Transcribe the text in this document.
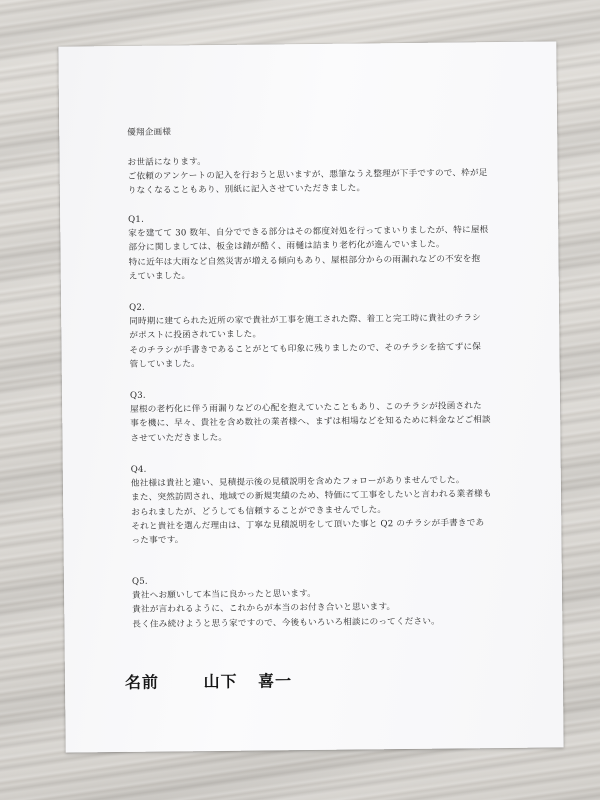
優翔企画様
お世話になります。
ご依頼のアンケートの記入を行おうと思いますが、悪筆なうえ整理が下手ですので、枠が足
りなくなることもあり、別紙に記入させていただきました。
Q1.
家を建てて 30 数年、自分でできる部分はその都度対処を行ってまいりましたが、特に屋根
部分に関しましては、板金は錆が酷く、雨樋は詰まり老朽化が進んでいました。
特に近年は大雨など自然災害が増える傾向もあり、屋根部分からの雨漏れなどの不安を抱
えていました。
Q2.
同時期に建てられた近所の家で貴社が工事を施工された際、着工と完工時に貴社のチラシ
がポストに投函されていました。
そのチラシが手書きであることがとても印象に残りましたので、そのチラシを捨てずに保
管していました。
Q3.
屋根の老朽化に伴う雨漏りなどの心配を抱えていたこともあり、このチラシが投函された
事を機に、早々、貴社を含め数社の業者様へ、まずは相場などを知るために料金などご相談
させていただきました。
Q4.
他社様は貴社と違い、見積提示後の見積説明を含めたフォローがありませんでした。
また、突然訪問され、地域での新規実績のため、特価にて工事をしたいと言われる業者様も
おられましたが、どうしても信頼することができませんでした。
それと貴社を選んだ理由は、丁寧な見積説明をして頂いた事と Q2 のチラシが手書きであ
った事です。
Q5.
貴社へお願いして本当に良かったと思います。
貴社が言われるように、これからが本当のお付き合いと思います。
長く住み続けようと思う家ですので、今後もいろいろ相談にのってください。
名前	山下 喜一
